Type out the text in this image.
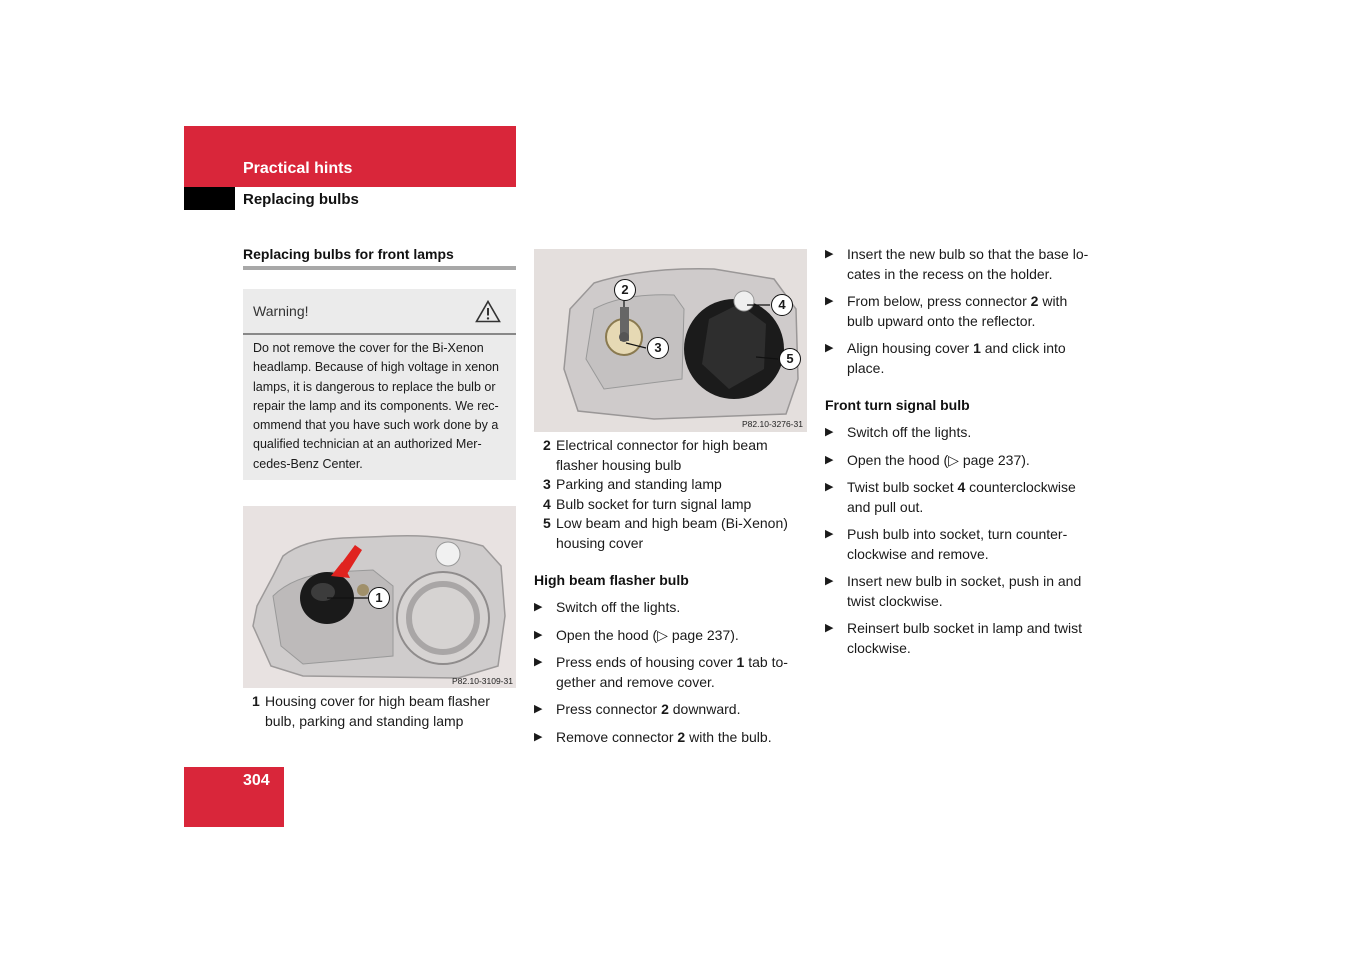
Practical hints
Replacing bulbs
Replacing bulbs for front lamps
Warning!
Do not remove the cover for the Bi-Xenon
headlamp. Because of high voltage in xenon
lamps, it is dangerous to replace the bulb or
repair the lamp and its components. We rec-
ommend that you have such work done by a
qualified technician at an authorized Mer-
cedes-Benz Center.
1
P82.10-3109-31
1 Housing cover for high beam flasher
bulb, parking and standing lamp
2
3
4
5
P82.10-3276-31
2 Electrical connector for high beam
flasher housing bulb
3 Parking and standing lamp
4 Bulb socket for turn signal lamp
5 Low beam and high beam (Bi-Xenon)
housing cover
High beam flasher bulb
▶ Switch off the lights.
▶ Open the hood (▷ page 237).
▶ Press ends of housing cover 1 tab to-
gether and remove cover.
▶ Press connector 2 downward.
▶ Remove connector 2 with the bulb.
▶ Insert the new bulb so that the base lo-
cates in the recess on the holder.
▶ From below, press connector 2 with
bulb upward onto the reflector.
▶ Align housing cover 1 and click into
place.
Front turn signal bulb
▶ Switch off the lights.
▶ Open the hood (▷ page 237).
▶ Twist bulb socket 4 counterclockwise
and pull out.
▶ Push bulb into socket, turn counter-
clockwise and remove.
▶ Insert new bulb in socket, push in and
twist clockwise.
▶ Reinsert bulb socket in lamp and twist
clockwise.
304
